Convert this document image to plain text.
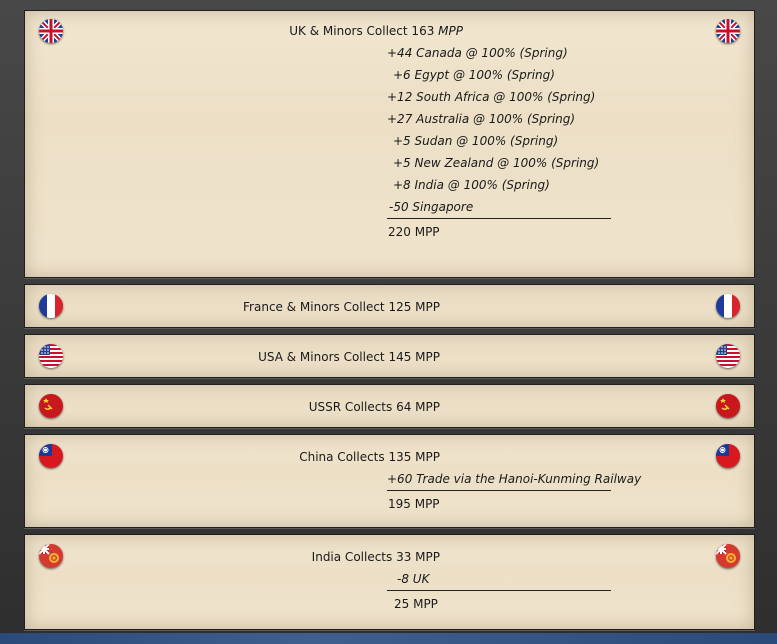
UK & Minors Collect 163 MPP
+44 Canada @ 100% (Spring)
+6 Egypt @ 100% (Spring)
+12 South Africa @ 100% (Spring)
+27 Australia @ 100% (Spring)
+5 Sudan @ 100% (Spring)
+5 New Zealand @ 100% (Spring)
+8 India @ 100% (Spring)
-50 Singapore
220 MPP
France & Minors Collect 125 MPP
USA & Minors Collect 145 MPP
USSR Collects 64 MPP
China Collects 135 MPP
+60 Trade via the Hanoi-Kunming Railway
195 MPP
India Collects 33 MPP
-8 UK
25 MPP
